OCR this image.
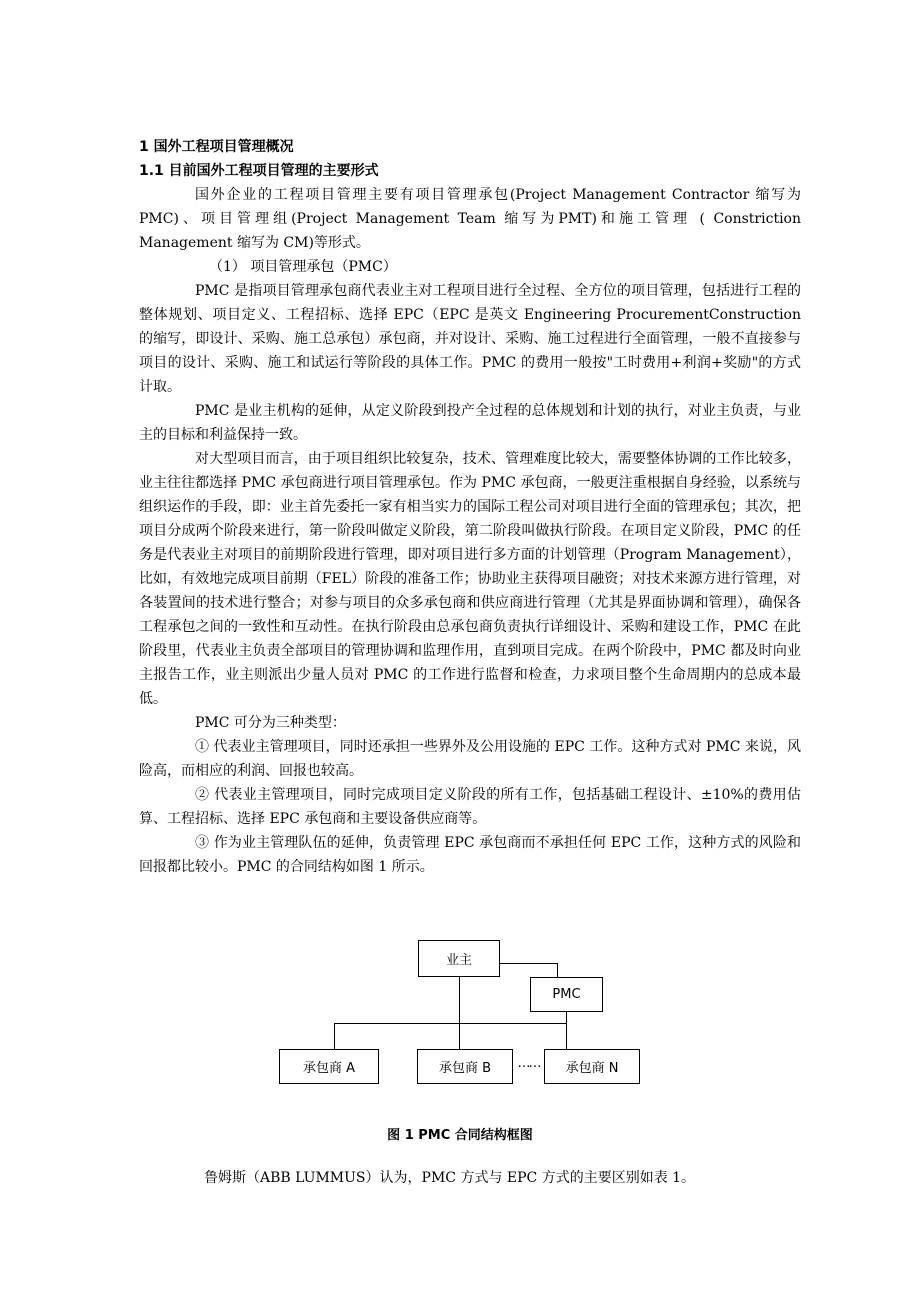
1 国外工程项目管理概况
1.1 目前国外工程项目管理的主要形式

国外企业的工程项目管理主要有项目管理承包(Project Management Contractor 缩写为PMC)、项目管理组(Project Management Team 缩写为PMT)和施工管理 ( Constriction Management 缩写为 CM)等形式。

（1） 项目管理承包（PMC）

PMC 是指项目管理承包商代表业主对工程项目进行全过程、全方位的项目管理，包括进行工程的整体规划、项目定义、工程招标、选择 EPC（EPC 是英文 Engineering ProcurementConstruction 的缩写，即设计、采购、施工总承包）承包商，并对设计、采购、施工过程进行全面管理，一般不直接参与项目的设计、采购、施工和试运行等阶段的具体工作。PMC 的费用一般按"工时费用+利润+奖励"的方式计取。

PMC 是业主机构的延伸，从定义阶段到投产全过程的总体规划和计划的执行，对业主负责，与业主的目标和利益保持一致。

对大型项目而言，由于项目组织比较复杂，技术、管理难度比较大，需要整体协调的工作比较多，业主往往都选择 PMC 承包商进行项目管理承包。作为 PMC 承包商，一般更注重根据自身经验，以系统与组织运作的手段，即：业主首先委托一家有相当实力的国际工程公司对项目进行全面的管理承包；其次，把项目分成两个阶段来进行，第一阶段叫做定义阶段，第二阶段叫做执行阶段。在项目定义阶段，PMC 的任务是代表业主对项目的前期阶段进行管理，即对项目进行多方面的计划管理（Program Management），比如，有效地完成项目前期（FEL）阶段的准备工作；协助业主获得项目融资；对技术来源方进行管理，对各装置间的技术进行整合；对参与项目的众多承包商和供应商进行管理（尤其是界面协调和管理），确保各工程承包之间的一致性和互动性。在执行阶段由总承包商负责执行详细设计、采购和建设工作，PMC 在此阶段里，代表业主负责全部项目的管理协调和监理作用，直到项目完成。在两个阶段中，PMC 都及时向业主报告工作，业主则派出少量人员对 PMC 的工作进行监督和检查，力求项目整个生命周期内的总成本最低。

PMC 可分为三种类型：

① 代表业主管理项目，同时还承担一些界外及公用设施的 EPC 工作。这种方式对 PMC 来说，风险高，而相应的利润、回报也较高。

② 代表业主管理项目，同时完成项目定义阶段的所有工作，包括基础工程设计、±10%的费用估算、工程招标、选择 EPC 承包商和主要设备供应商等。

③ 作为业主管理队伍的延伸，负责管理 EPC 承包商而不承担任何 EPC 工作，这种方式的风险和回报都比较小。PMC 的合同结构如图 1 所示。

业主
PMC
承包商 A	承包商 B	……	承包商 N
图 1 PMC 合同结构框图
鲁姆斯（ABB LUMMUS）认为，PMC 方式与 EPC 方式的主要区别如表 1。
